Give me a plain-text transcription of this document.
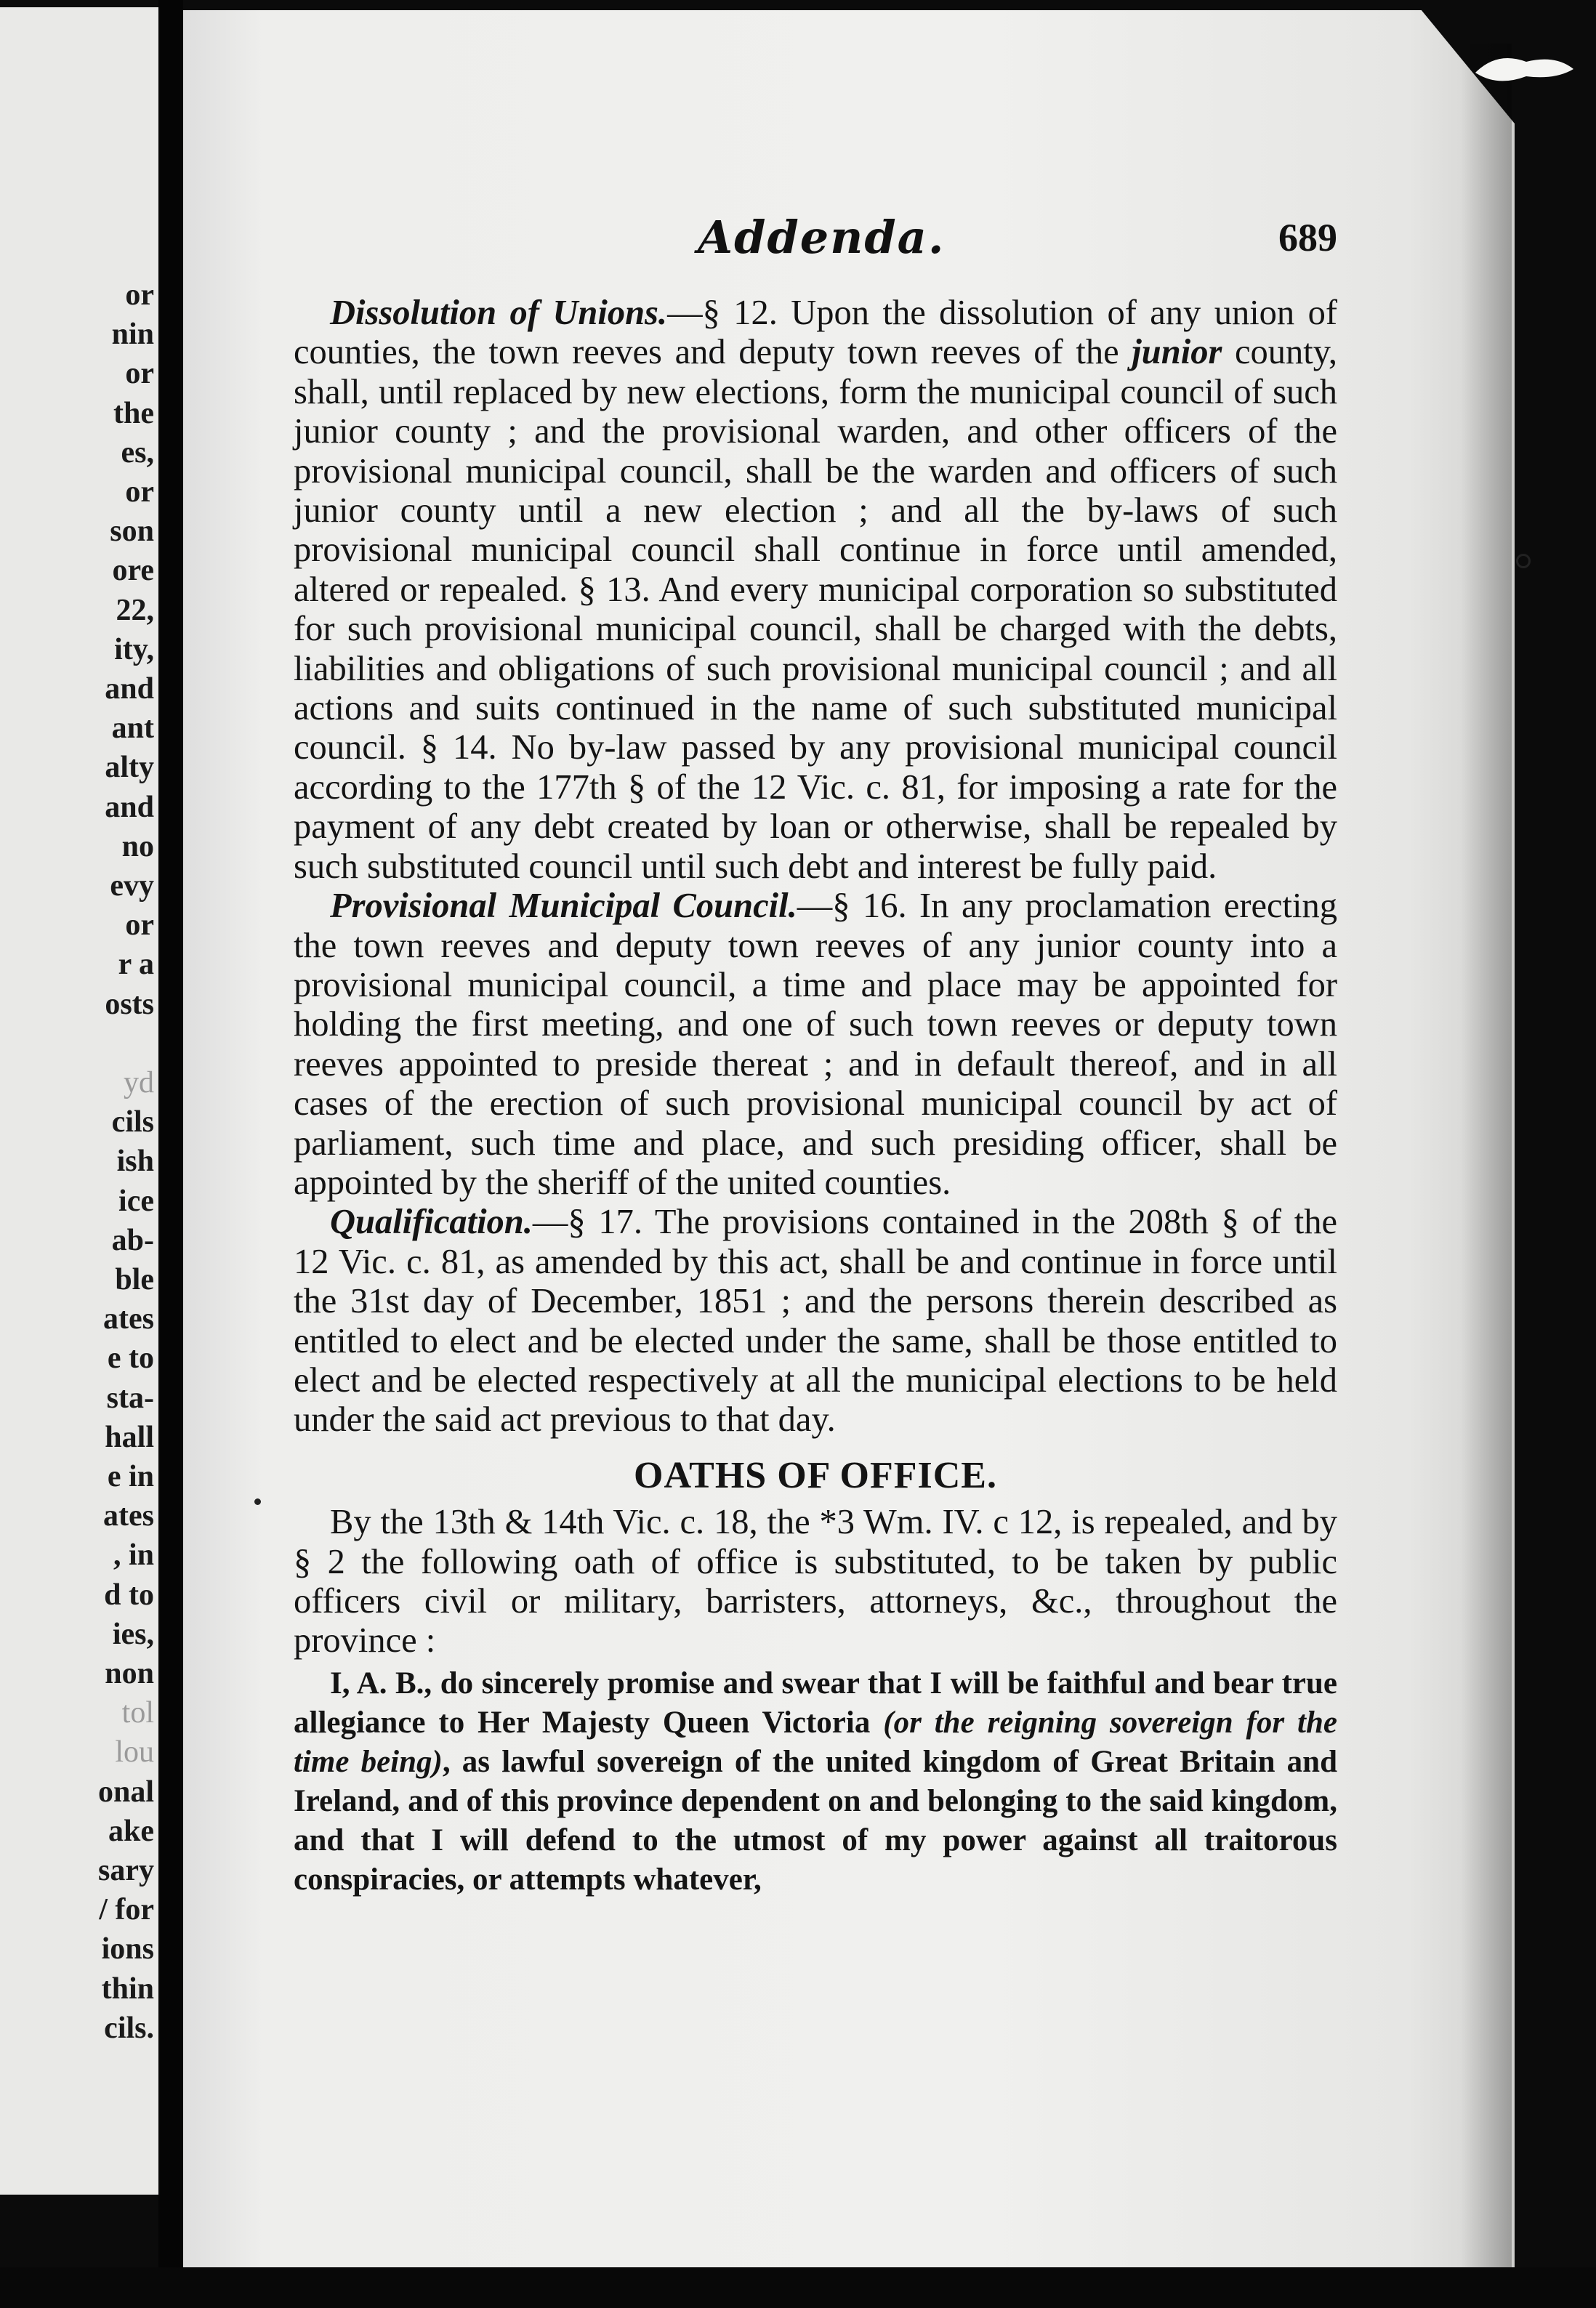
or
nin
or
the
es,
or
son
ore
22,
ity,
and
ant
alty
and
no
evy
or
r a
osts
yd
cils
ish
ice
ab-
ble
ates
e to
sta-
hall
e in
ates
, in
d to
ies,
non
tol
lou
onal
ake
sary
/ for
ions
thin
cils.
Addenda.	689

Dissolution of Unions.—§ 12. Upon the dissolution of any union of counties, the town reeves and deputy town reeves of the junior county, shall, until replaced by new elections, form the municipal council of such junior county ; and the provisional warden, and other officers of the provisional municipal council, shall be the warden and officers of such junior county until a new election ; and all the by-laws of such provisional municipal council shall continue in force until amended, altered or repealed. § 13. And every municipal corporation so substituted for such provisional municipal council, shall be charged with the debts, liabilities and obligations of such provisional municipal council ; and all actions and suits continued in the name of such substituted municipal council. § 14. No by-law passed by any provisional municipal council according to the 177th § of the 12 Vic. c. 81, for imposing a rate for the payment of any debt created by loan or otherwise, shall be repealed by such substituted council until such debt and interest be fully paid.

Provisional Municipal Council.—§ 16. In any proclamation erecting the town reeves and deputy town reeves of any junior county into a provisional municipal council, a time and place may be appointed for holding the first meeting, and one of such town reeves or deputy town reeves appointed to preside thereat ; and in default thereof, and in all cases of the erection of such provisional municipal council by act of parliament, such time and place, and such presiding officer, shall be appointed by the sheriff of the united counties.

Qualification.—§ 17. The provisions contained in the 208th § of the 12 Vic. c. 81, as amended by this act, shall be and continue in force until the 31st day of December, 1851 ; and the persons therein described as entitled to elect and be elected under the same, shall be those entitled to elect and be elected respectively at all the municipal elections to be held under the said act previous to that day.

OATHS OF OFFICE.

By the 13th & 14th Vic. c. 18, the *3 Wm. IV. c 12, is repealed, and by § 2 the following oath of office is substituted, to be taken by public officers civil or military, barristers, attorneys, &c., throughout the province :

I, A. B., do sincerely promise and swear that I will be faithful and bear true allegiance to Her Majesty Queen Victoria (or the reigning sovereign for the time being), as lawful sovereign of the united kingdom of Great Britain and Ireland, and of this province dependent on and belonging to the said kingdom, and that I will defend to the utmost of my power against all traitorous conspiracies, or attempts whatever,
